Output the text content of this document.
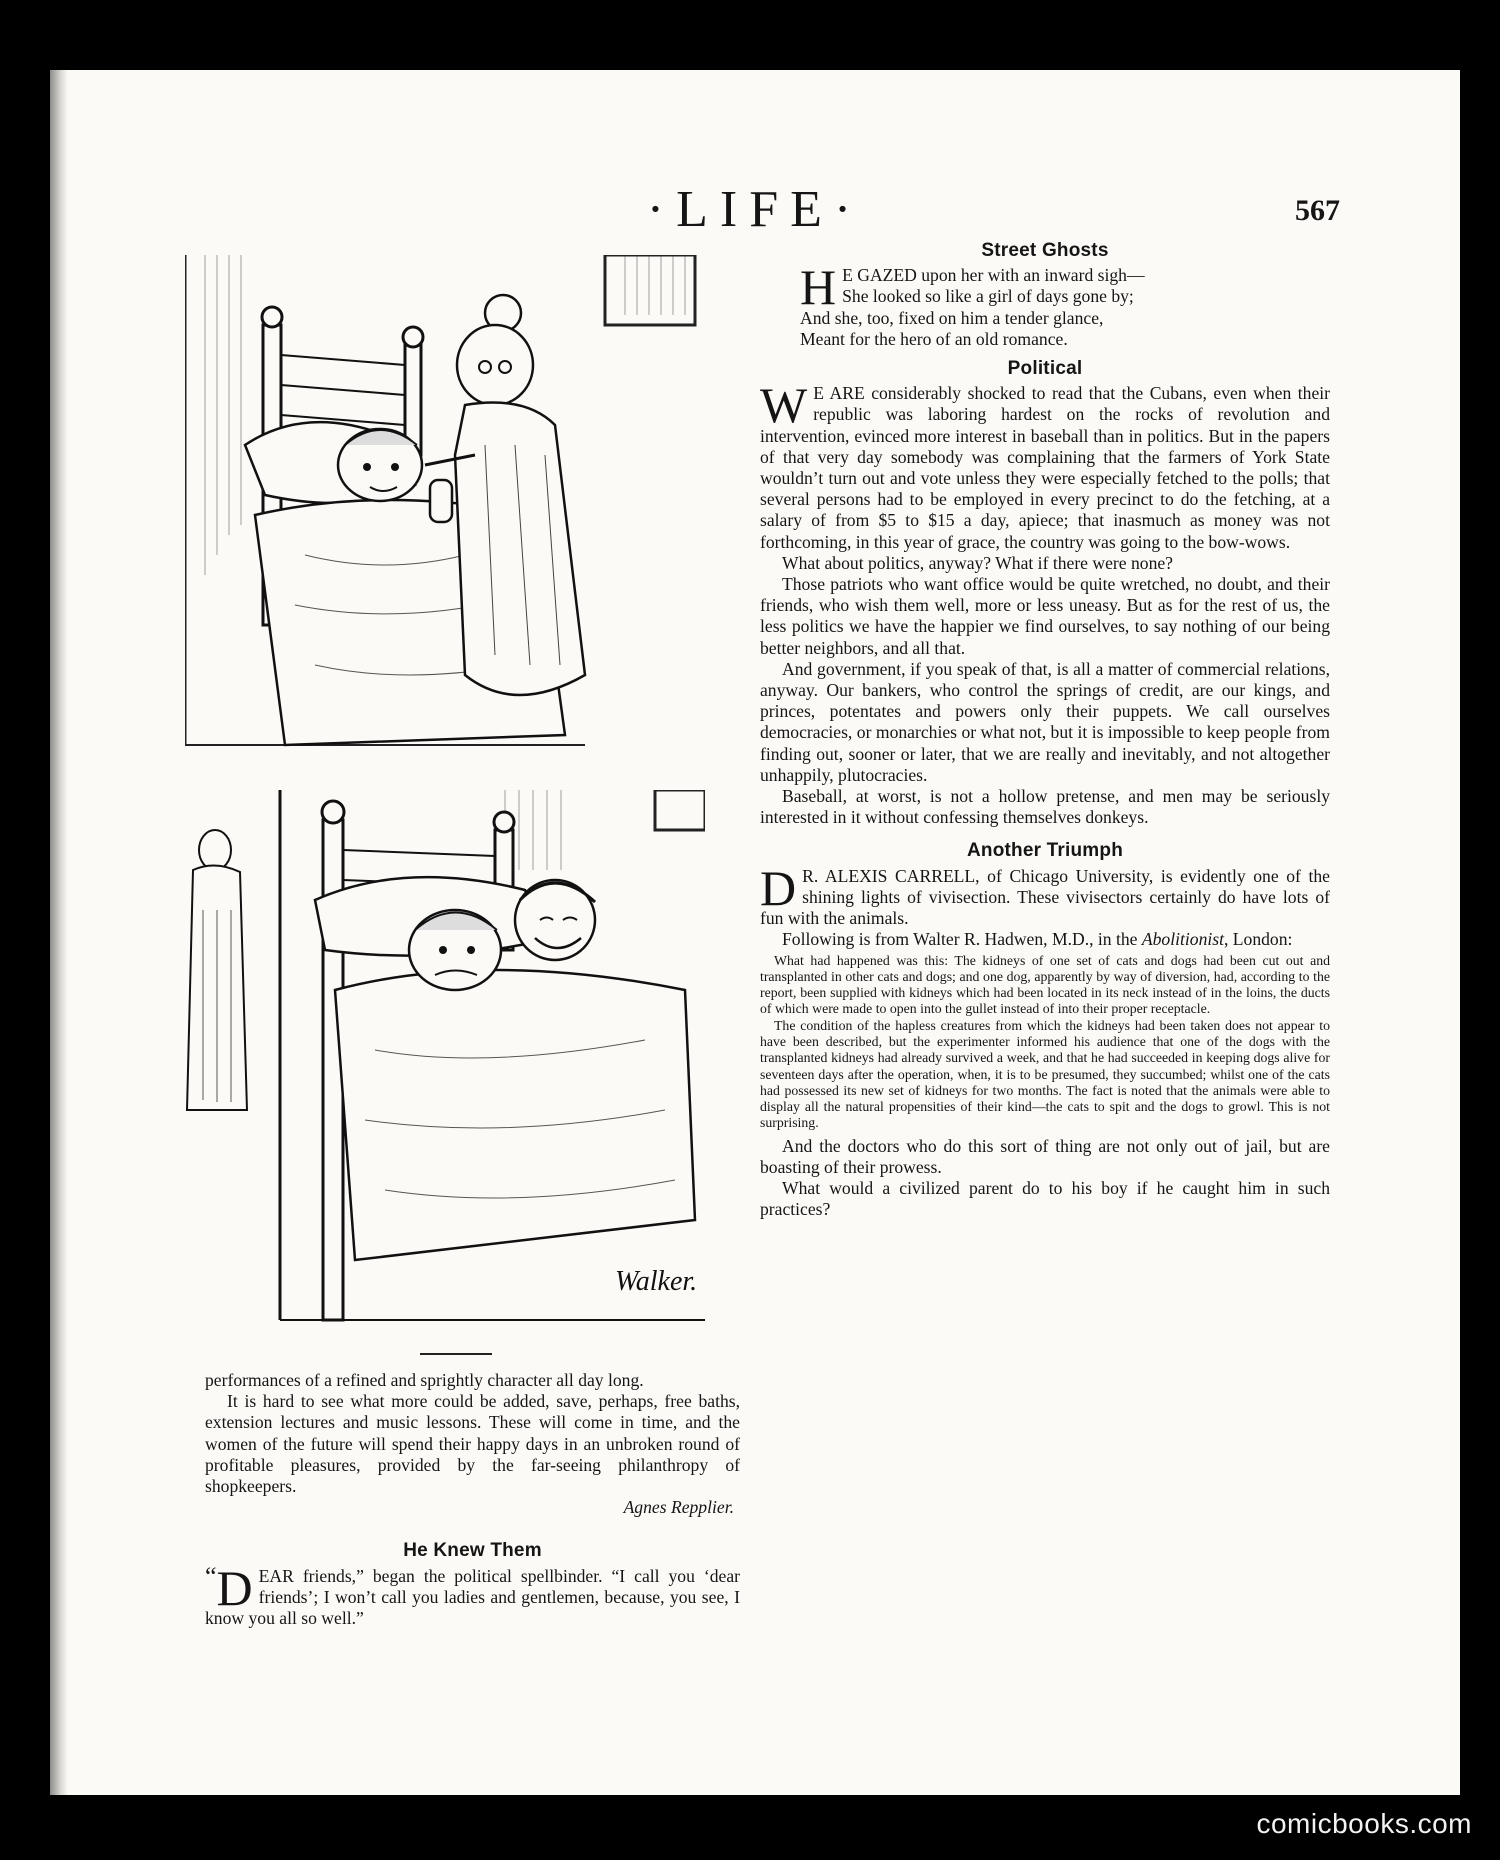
·LIFE·	567
Walker.

performances of a refined and sprightly character all day long.

It is hard to see what more could be added, save, perhaps, free baths, extension lectures and music lessons. These will come in time, and the women of the future will spend their happy days in an unbroken round of profitable pleasures, provided by the far-seeing philanthropy of shopkeepers.

Agnes Repplier.
He Knew Them

“ D EAR friends,” began the political spellbinder. “I call you ‘dear friends’; I won’t call you ladies and gentlemen, because, you see, I know you all so well.”

Street Ghosts
H E GAZED upon her with an inward sigh—
She looked so like a girl of days gone by;
And she, too, fixed on him a tender glance,
Meant for the hero of an old romance.
Political

W E ARE considerably shocked to read that the Cubans, even when their republic was laboring hardest on the rocks of revolution and intervention, evinced more interest in baseball than in politics. But in the papers of that very day somebody was complaining that the farmers of York State wouldn’t turn out and vote unless they were especially fetched to the polls; that several persons had to be employed in every precinct to do the fetching, at a salary of from $5 to $15 a day, apiece; that inasmuch as money was not forthcoming, in this year of grace, the country was going to the bow-wows.

What about politics, anyway? What if there were none?

Those patriots who want office would be quite wretched, no doubt, and their friends, who wish them well, more or less uneasy. But as for the rest of us, the less politics we have the happier we find ourselves, to say nothing of our being better neighbors, and all that.

And government, if you speak of that, is all a matter of commercial relations, anyway. Our bankers, who control the springs of credit, are our kings, and princes, potentates and powers only their puppets. We call ourselves democracies, or monarchies or what not, but it is impossible to keep people from finding out, sooner or later, that we are really and inevitably, and not altogether unhappily, plutocracies.

Baseball, at worst, is not a hollow pretense, and men may be seriously interested in it without confessing themselves donkeys.

Another Triumph

D R. ALEXIS CARRELL, of Chicago University, is evidently one of the shining lights of vivisection. These vivisectors certainly do have lots of fun with the animals.

Following is from Walter R. Hadwen, M.D., in the Abolitionist, London:

What had happened was this: The kidneys of one set of cats and dogs had been cut out and transplanted in other cats and dogs; and one dog, apparently by way of diversion, had, according to the report, been supplied with kidneys which had been located in its neck instead of in the loins, the ducts of which were made to open into the gullet instead of into their proper receptacle.

The condition of the hapless creatures from which the kidneys had been taken does not appear to have been described, but the experimenter informed his audience that one of the dogs with the transplanted kidneys had already survived a week, and that he had succeeded in keeping dogs alive for seventeen days after the operation, when, it is to be presumed, they succumbed; whilst one of the cats had possessed its new set of kidneys for two months. The fact is noted that the animals were able to display all the natural propensities of their kind—the cats to spit and the dogs to growl. This is not surprising.

And the doctors who do this sort of thing are not only out of jail, but are boasting of their prowess.

What would a civilized parent do to his boy if he caught him in such practices?

comicbooks.com
